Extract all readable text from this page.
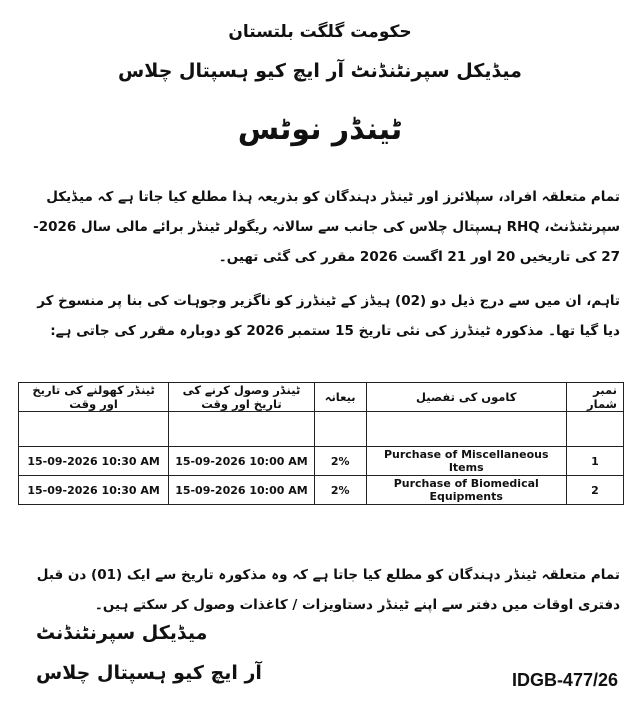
حکومت گلگت بلتستان
میڈیکل سپرنٹنڈنٹ آر ایچ کیو ہسپتال چلاس
ٹینڈر نوٹس
تمام متعلقہ افراد، سپلائرز اور ٹینڈر دہندگان کو بذریعہ ہذا مطلع کیا جاتا ہے کہ میڈیکل سپرنٹنڈنٹ، RHQ ہسپتال چلاس کی جانب سے سالانہ ریگولر ٹینڈر برائے مالی سال 2026-27 کی تاریخیں 20 اور 21 اگست 2026 مقرر کی گئی تھیں۔
تاہم، ان میں سے درج ذیل دو (02) ہیڈز کے ٹینڈرز کو ناگزیر وجوہات کی بنا پر منسوخ کر دیا گیا تھا۔ مذکورہ ٹینڈرز کی نئی تاریخ 15 ستمبر 2026 کو دوبارہ مقرر کی جاتی ہے:
نمبر شمار	کاموں کی تفصیل	بیعانہ	ٹینڈر وصول کرنے کی تاریخ اور وقت	ٹینڈر کھولنے کی تاریخ اور وقت

1	Purchase of Miscellaneous Items	2%	15-09-2026 10:00 AM	15-09-2026 10:30 AM
2	Purchase of Biomedical Equipments	2%	15-09-2026 10:00 AM	15-09-2026 10:30 AM
تمام متعلقہ ٹینڈر دہندگان کو مطلع کیا جاتا ہے کہ وہ مذکورہ تاریخ سے ایک (01) دن قبل دفتری اوقات میں دفتر سے اپنے ٹینڈر دستاویزات / کاغذات وصول کر سکتے ہیں۔
میڈیکل سپرنٹنڈنٹ
آر ایچ کیو ہسپتال چلاس	IDGB-477/26
